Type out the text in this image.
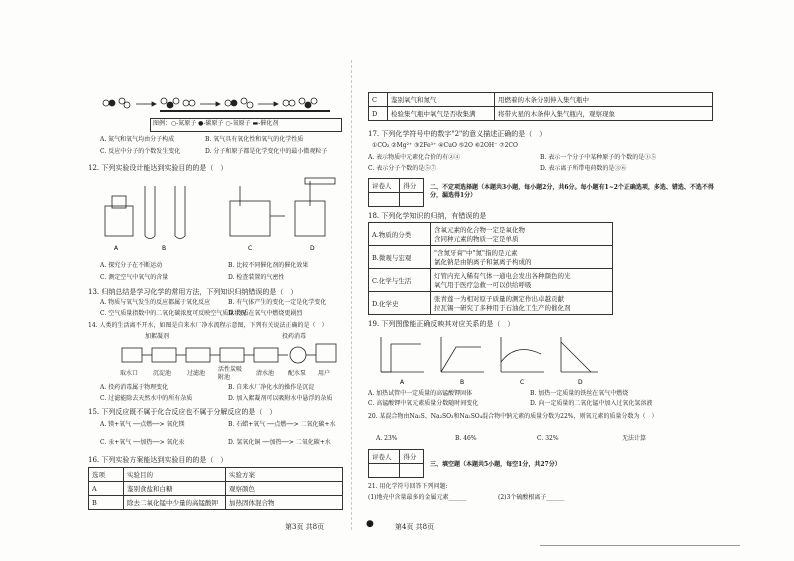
图例：○-氮原子 ●-碳原子 ○-氧原子 ▬-催化剂
A. 氮气和氧气均由分子构成	B. 氧气具有氧化性和氧气的化学性质
C. 反应中分子的个数发生变化	D. 分子和原子都是化学变化中的最小微观粒子
12. 下列实验设计能达到实验目的的是（　）
A	B	C	D
A. 探究分子在不断运动	B. 比较不同催化剂的催化效果
C. 测定空气中氧气的含量	D. 检查装置的气密性
13. 归纳总结是学习化学的常用方法，下列知识归纳错误的是（　）
A. 物质与氧气发生的反应都属于氧化反应	B. 有气体产生的变化一定是化学变化
C. 空气质量指数中的二氧化碳浓度可反映空气质量状况
D. 物质在氧气中燃烧更剧烈
14. 人类的生活离不开水，如图是自来水厂净水流程示意图，下列有关说法正确的是（　）
加絮凝剂	投药消毒
取水口 沉淀池	过滤池
活性炭吸附池
清水池 配水泵 用户
A. 投药消毒属于物理变化	B. 自来水厂净化水的操作是沉淀
C. 过滤能除去天然水中的所有杂质	D. 加入絮凝剂可以吸附水中悬浮的杂质
15. 下列反应既不属于化合反应也不属于分解反应的是（　）
A. 镁+氧气 ──点燃──> 氧化镁	B. 石蜡+氧气 ──点燃──> 二氧化碳+水
C. 汞+氧气 ──加热──> 氧化汞	D. 氢氧化铜 ──加热──> 二氧化碳+水
16. 下列实验方案能达到实验目的的是（　）
选项	实验目的	实验方案
A	鉴别食盐和白糖	观察颜色
B	除去二氧化锰中少量的高锰酸钾	加热固体混合物
第3页 共8页
C	鉴别氧气和氮气	用燃着的木条分别伸入集气瓶中
D	检验集气瓶中氧气是否收集满	将带火星的木条伸入集气瓶内，观察现象
17. 下列化学符号中的数字"2"的意义描述正确的是（　）
①CO₂ ②Mg²⁺ ③2Fe³⁺ ④CuO ⑤2O ⑥2OH⁻ ⑦2CO
A. 表示物质中元素化合价的有②④	B. 表示一个分子中某种原子的个数的是①⑤
C. 表示分子个数的是⑤⑦	D. 表示离子所带电荷数的是③⑥
评卷人	得分
	二、不定项选择题（本题共3小题，每小题2分，共6分。每小题有1~2个正确选项，多选、错选、不选不得分，漏选得1分）
18. 下列化学知识的归纳，有错误的是
A.物质的分类	含氧元素的化合物一定是氧化物
含同种元素的物质一定是单质
B.微观与宏观	"含氮牙膏"中"氮"指的是元素
氯化钠是由钠离子和氯离子构成的
C.化学与生活	灯管内充入稀有气体一通电会发出各种颜色的光
氧气用于医疗急救一可以供给呼吸
D.化学史	张青莲一为相对原子质量的测定作出卓越贡献
拉瓦锡一研究了多种用于石油化工生产的催化剂
19. 下列图像能正确反映其对应关系的是（　）
A	B	C	D
A. 加热试管中一定质量的高锰酸钾固体	B. 加热一定质量的铁丝在氧气中燃烧
C. 高锰酸钾中氧元素质量分数随时间变化	D. 向一定质量的二氧化锰中加入过氧化氢溶液
20. 某混合物由Na₂S、Na₂SO₃和Na₂SO₄混合物中钠元素的质量分数为22%，则氧元素的质量分数为（　）
A. 23%	B. 46%	C. 32%	无法计算
评卷人	得分

三、填空题（本题共5小题，每空1分，共27分）
21. 用化学符号回答下列问题:
(1)地壳中含量最多的金属元素______	(2)3个硫酸根离子______
●	第4页 共8页
